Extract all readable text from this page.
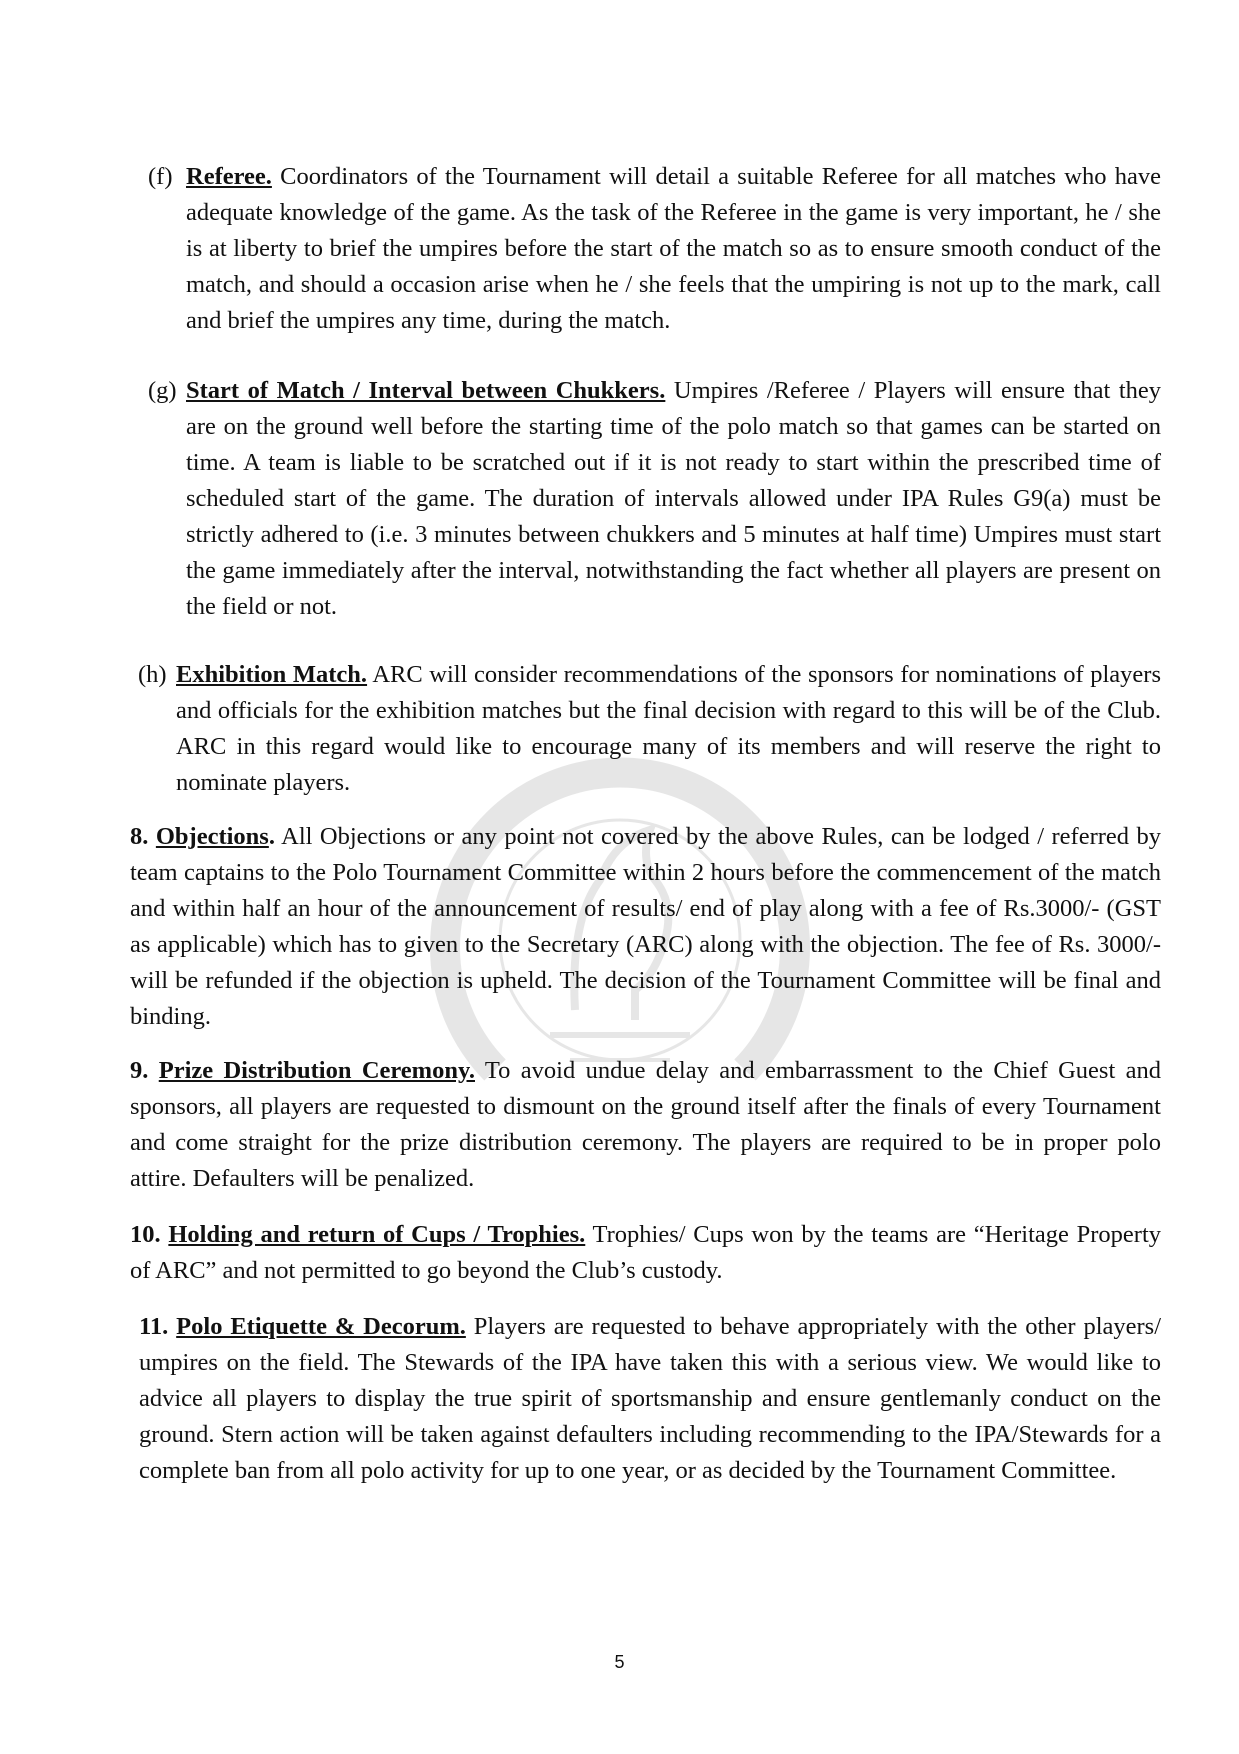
(f) Referee. Coordinators of the Tournament will detail a suitable Referee for all matches who have adequate knowledge of the game. As the task of the Referee in the game is very important, he / she is at liberty to brief the umpires before the start of the match so as to ensure smooth conduct of the match, and should a occasion arise when he / she feels that the umpiring is not up to the mark, call and brief the umpires any time, during the match.

(g) Start of Match / Interval between Chukkers. Umpires /Referee / Players will ensure that they are on the ground well before the starting time of the polo match so that games can be started on time. A team is liable to be scratched out if it is not ready to start within the prescribed time of scheduled start of the game. The duration of intervals allowed under IPA Rules G9(a) must be strictly adhered to (i.e. 3 minutes between chukkers and 5 minutes at half time) Umpires must start the game immediately after the interval, notwithstanding the fact whether all players are present on the field or not.

(h) Exhibition Match. ARC will consider recommendations of the sponsors for nominations of players and officials for the exhibition matches but the final decision with regard to this will be of the Club. ARC in this regard would like to encourage many of its members and will reserve the right to nominate players.

8. Objections. All Objections or any point not covered by the above Rules, can be lodged / referred by team captains to the Polo Tournament Committee within 2 hours before the commencement of the match and within half an hour of the announcement of results/ end of play along with a fee of Rs.3000/- (GST as applicable) which has to given to the Secretary (ARC) along with the objection. The fee of Rs. 3000/- will be refunded if the objection is upheld. The decision of the Tournament Committee will be final and binding.

9. Prize Distribution Ceremony. To avoid undue delay and embarrassment to the Chief Guest and sponsors, all players are requested to dismount on the ground itself after the finals of every Tournament and come straight for the prize distribution ceremony. The players are required to be in proper polo attire. Defaulters will be penalized.

10. Holding and return of Cups / Trophies. Trophies/ Cups won by the teams are “Heritage Property of ARC” and not permitted to go beyond the Club’s custody.

11. Polo Etiquette & Decorum. Players are requested to behave appropriately with the other players/ umpires on the field. The Stewards of the IPA have taken this with a serious view. We would like to advice all players to display the true spirit of sportsmanship and ensure gentlemanly conduct on the ground. Stern action will be taken against defaulters including recommending to the IPA/Stewards for a complete ban from all polo activity for up to one year, or as decided by the Tournament Committee.

5
